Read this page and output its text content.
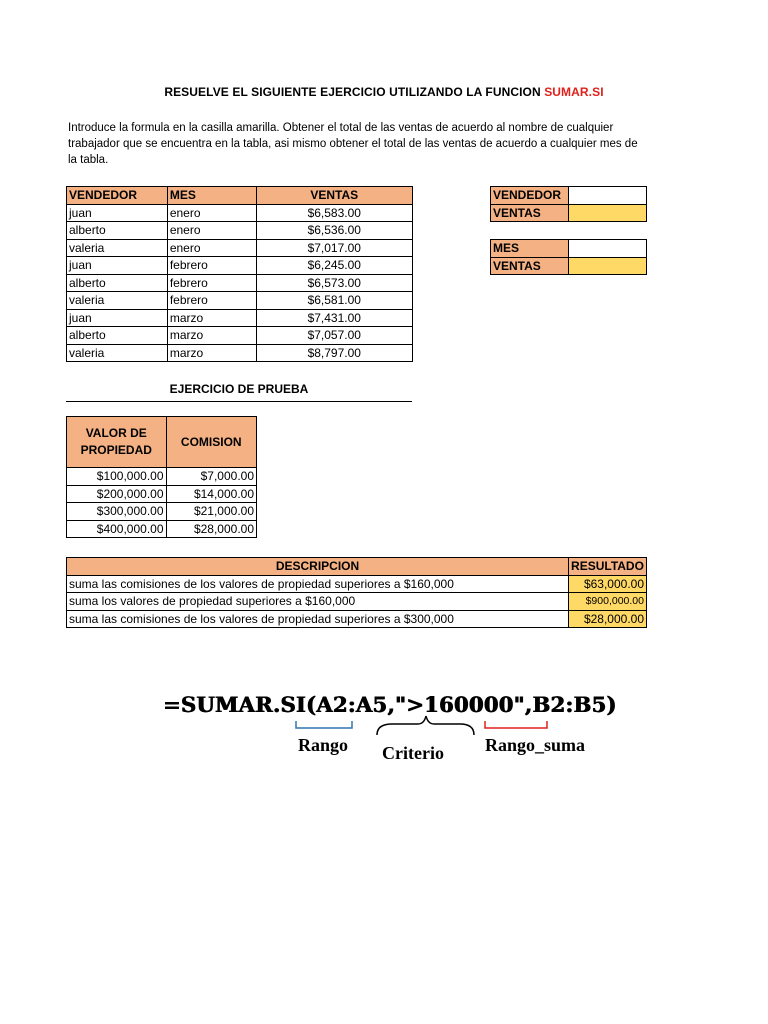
RESUELVE EL SIGUIENTE EJERCICIO UTILIZANDO LA FUNCION SUMAR.SI
Introduce la formula en la casilla amarilla. Obtener el total de las ventas de acuerdo al nombre de cualquier trabajador que se encuentra en la tabla, asi mismo obtener el total de las ventas de acuerdo a cualquier mes de la tabla.
VENDEDOR	MES	VENTAS
juan	enero	$6,583.00
alberto	enero	$6,536.00
valeria	enero	$7,017.00
juan	febrero	$6,245.00
alberto	febrero	$6,573.00
valeria	febrero	$6,581.00
juan	marzo	$7,431.00
alberto	marzo	$7,057.00
valeria	marzo	$8,797.00
VENDEDOR	
VENTAS	
MES	
VENTAS	
EJERCICIO DE PRUEBA
VALOR DE PROPIEDAD	COMISION
$100,000.00	$7,000.00
$200,000.00	$14,000.00
$300,000.00	$21,000.00
$400,000.00	$28,000.00
DESCRIPCION	RESULTADO
suma las comisiones de los valores de propiedad superiores a $160,000	$63,000.00
suma los valores de propiedad superiores a $160,000	$900,000.00
suma las comisiones de los valores de propiedad superiores a $300,000	$28,000.00
=SUMAR.SI(A2:A5,">160000",B2:B5)
Rango Criterio Rango_suma
